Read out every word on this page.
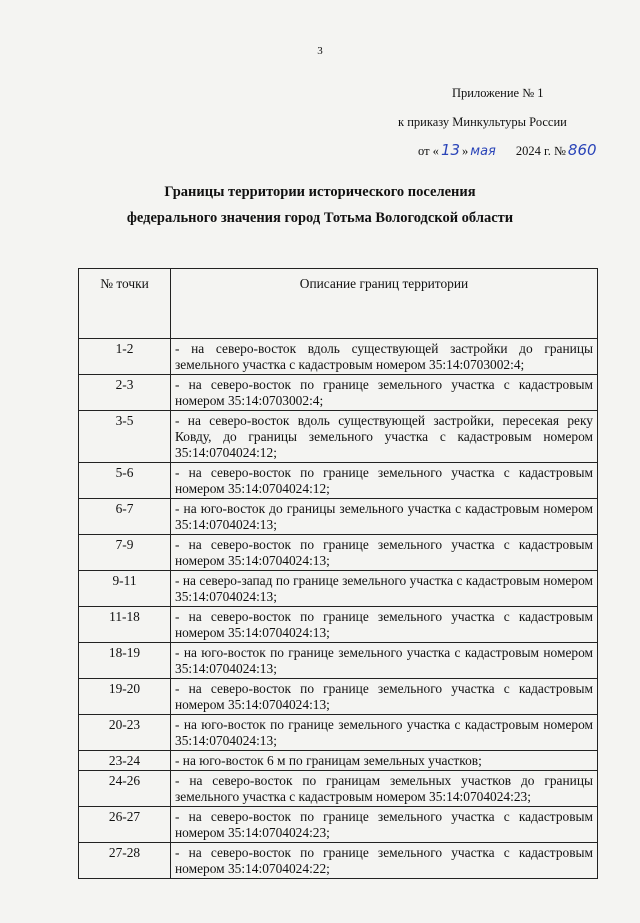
3
Приложение № 1
к приказу Минкультуры России
от « 13 » мая 2024 г. № 860
Границы территории исторического поселения
федерального значения город Тотьма Вологодской области
№ точки	Описание границ территории
1-2	- на северо-восток вдоль существующей застройки до границы земельного участка с кадастровым номером 35:14:0703002:4;
2-3	- на северо-восток по границе земельного участка с кадастровым номером 35:14:0703002:4;
3-5	- на северо-восток вдоль существующей застройки, пересекая реку Ковду, до границы земельного участка с кадастровым номером 35:14:0704024:12;
5-6	- на северо-восток по границе земельного участка с кадастровым номером 35:14:0704024:12;
6-7	- на юго-восток до границы земельного участка с кадастровым номером 35:14:0704024:13;
7-9	- на северо-восток по границе земельного участка с кадастровым номером 35:14:0704024:13;
9-11	- на северо-запад по границе земельного участка с кадастровым номером 35:14:0704024:13;
11-18	- на северо-восток по границе земельного участка с кадастровым номером 35:14:0704024:13;
18-19	- на юго-восток по границе земельного участка с кадастровым номером 35:14:0704024:13;
19-20	- на северо-восток по границе земельного участка с кадастровым номером 35:14:0704024:13;
20-23	- на юго-восток по границе земельного участка с кадастровым номером 35:14:0704024:13;
23-24	- на юго-восток 6 м по границам земельных участков;
24-26	- на северо-восток по границам земельных участков до границы земельного участка с кадастровым номером 35:14:0704024:23;
26-27	- на северо-восток по границе земельного участка с кадастровым номером 35:14:0704024:23;
27-28	- на северо-восток по границе земельного участка с кадастровым номером 35:14:0704024:22;
